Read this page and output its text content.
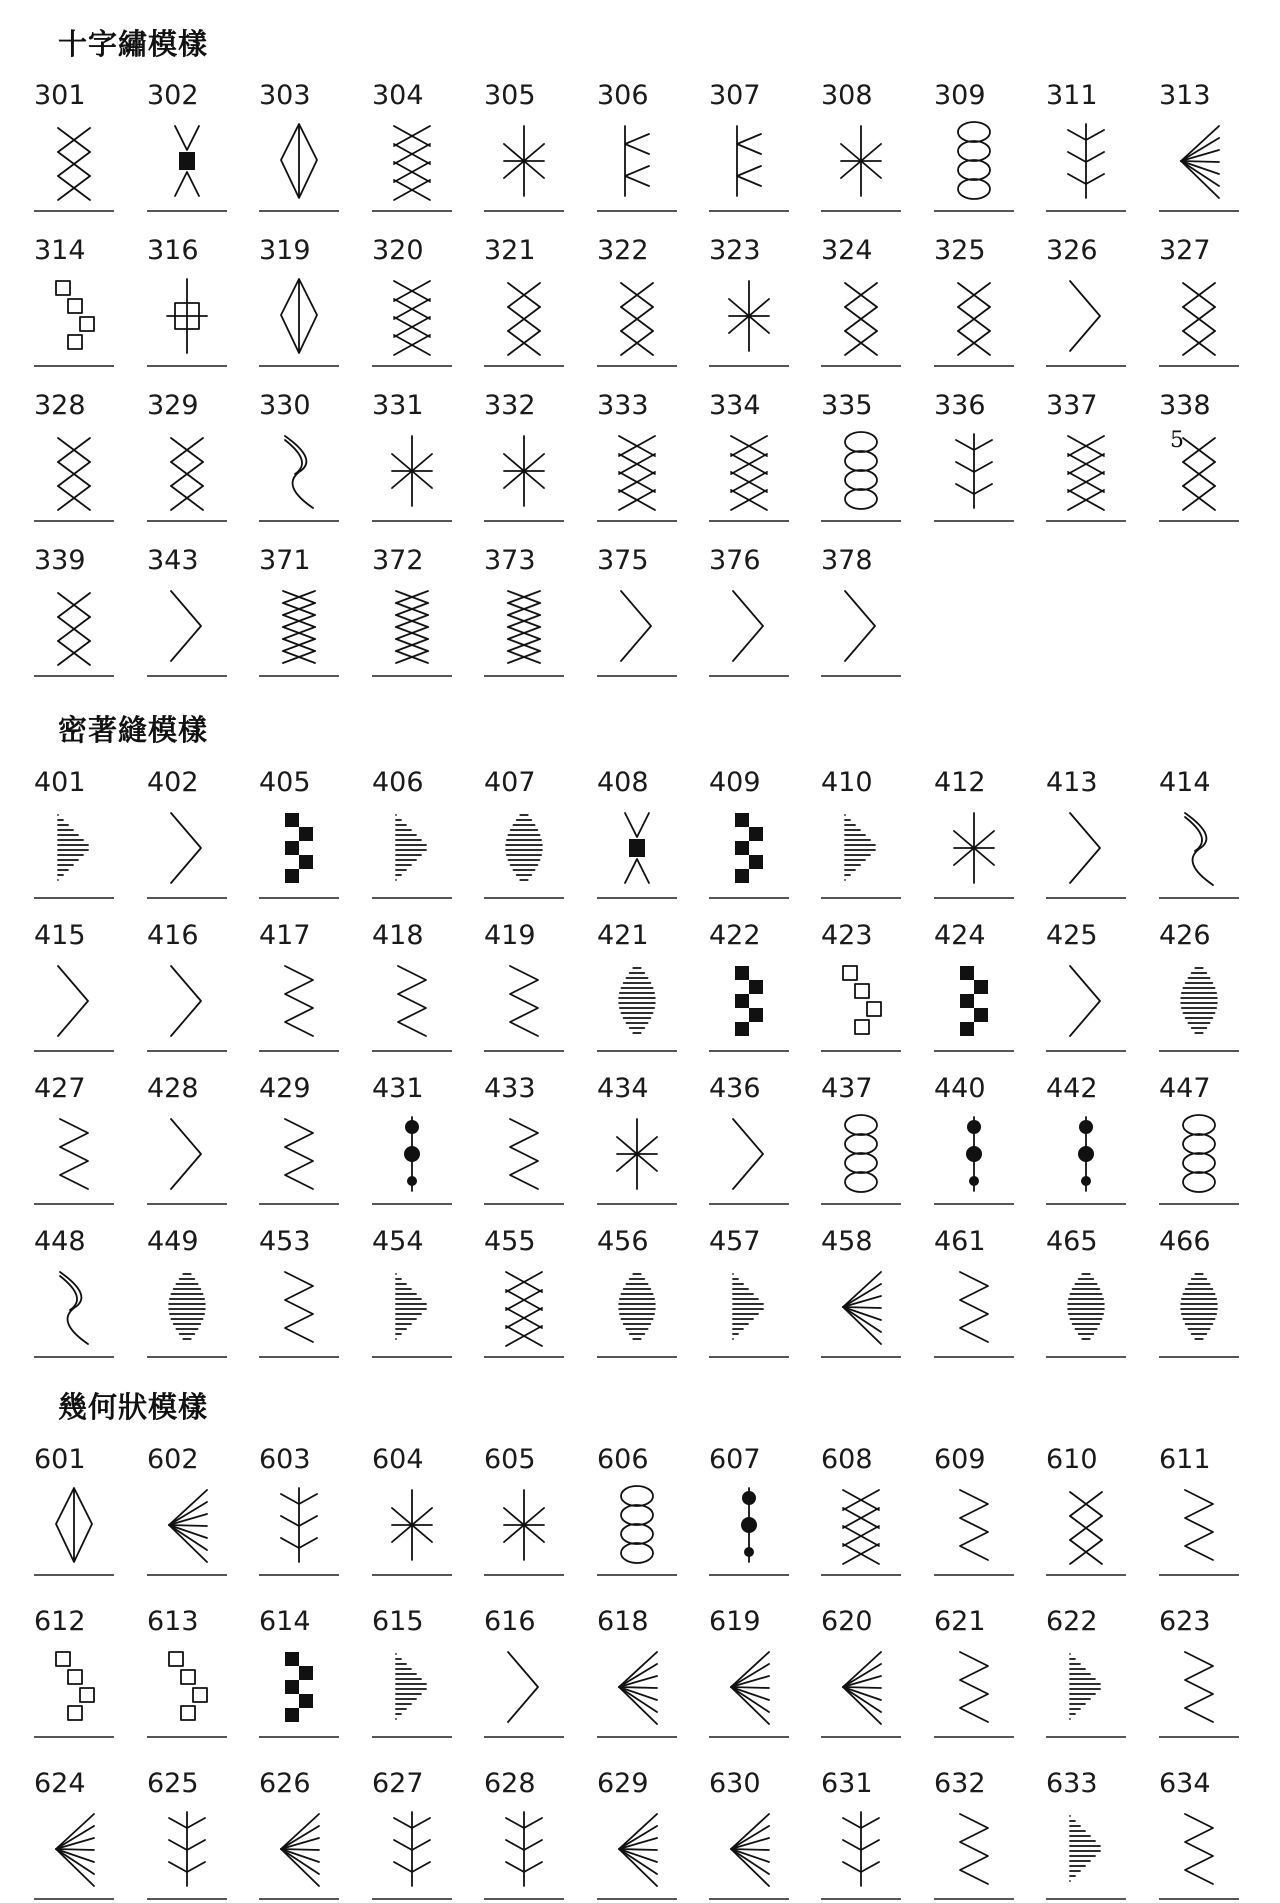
十字繡模樣
301 302 303 304 305 306 307 308 309 311 313
314 316 319 320 321 322 323 324 325 326 327
328 329 330 331 332 333 334 335 336 337 338
339 343 371 372 373 375 376 378
密著縫模樣
401 402 405 406 407 408 409 410 412 413 414
415 416 417 418 419 421 422 423 424 425 426
427 428 429 431 433 434 436 437 440 442 447
448 449 453 454 455 456 457 458 461 465 466
幾何狀模樣
601 602 603 604 605 606 607 608 609 610 611
612 613 614 615 616 618 619 620 621 622 623
624 625 626 627 628 629 630 631 632 633 634
5
